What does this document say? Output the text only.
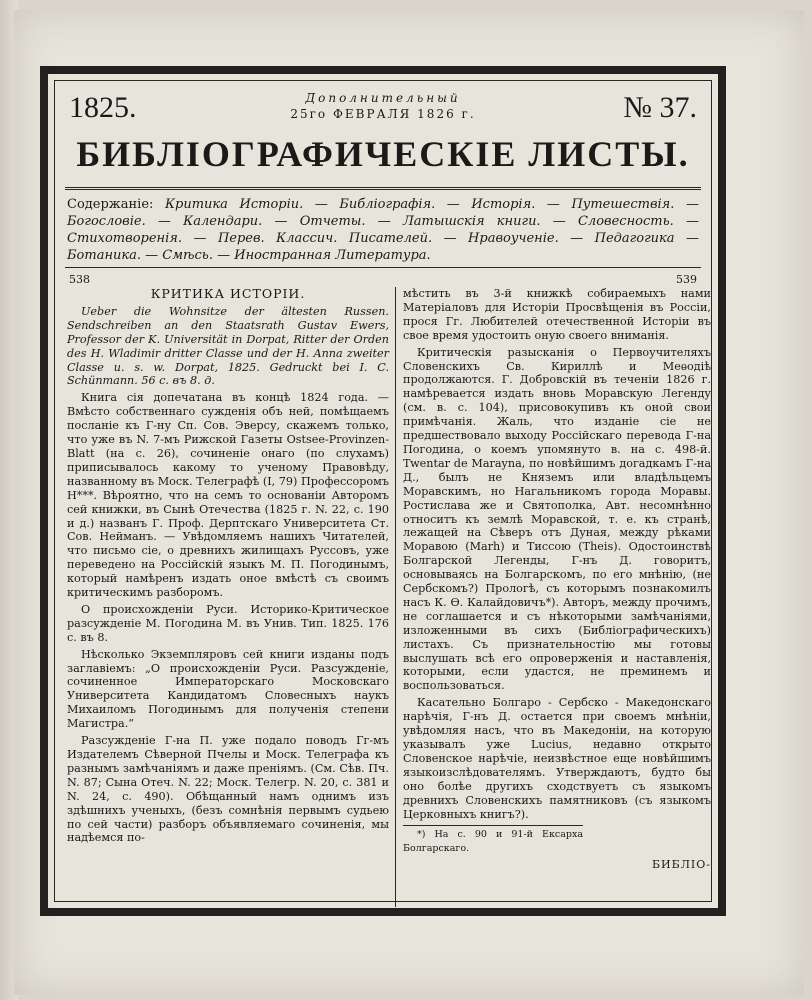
1825.	Дополнительный
25го ФЕВРАЛЯ 1826 г.	№ 37.
БИБЛІОГРАФИЧЕСКІЕ ЛИСТЫ.
Содержаніе: Критика Исторіи. — Библіографія. — Исторія. — Путешествія. — Богословіе. — Календари. — Отчеты. — Латышскія книги. — Словесность. — Стихотворенія. — Перев. Классич. Писателей. — Нравоученіе. — Педагогика — Ботаника. — Смѣсь. — Иностранная Литература.
538	539

КРИТИКА ИСТОРІИ.

Ueber die Wohnsitze der ältesten Russen. Sendschreiben an den Staatsrath Gustav Ewers, Professor der K. Universität in Dorpat, Ritter der Orden des H. Wladimir dritter Classe und der H. Anna zweiter Classe u. s. w. Dorpat, 1825. Gedruckt bei I. C. Schünmann. 56 с. въ 8. д.

Книга сія допечатана въ концѣ 1824 года. — Вмѣсто собственнаго сужденія объ ней, помѣщаемъ посланіе къ Г-ну Сп. Сов. Эверсу, скажемъ только, что уже въ N. 7-мъ Рижской Газеты Ostsee-Provinzen-Blatt (на с. 26), сочиненіе онаго (по слухамъ) приписывалось какому то ученому Правовѣду, названному въ Моск. Телеграфѣ (I, 79) Профессоромъ Н***. Вѣроятно, что на семъ то основаніи Авторомъ сей книжки, въ Сынѣ Отечества (1825 г. N. 22, с. 190 и д.) названъ Г. Проф. Дерптскаго Университета Ст. Сов. Нейманъ. — Увѣдомляемъ нашихъ Читателей, что письмо сіе, о древнихъ жилищахъ Руссовъ, уже переведено на Россійскій языкъ М. П. Погодинымъ, который намѣренъ издать оное вмѣстѣ съ своимъ критическимъ разборомъ.

О происхожденіи Руси. Историко-Критическое разсужденіе М. Погодина М. въ Унив. Тип. 1825. 176 с. въ 8.

Нѣсколько Экземпляровъ сей книги изданы подъ заглавіемъ: „О происхожденіи Руси. Разсужденіе, сочиненное Императорскаго Московскаго Университета Кандидатомъ Словесныхъ наукъ Михаиломъ Погодинымъ для полученія степени Магистра.“

Разсужденіе Г-на П. уже подало поводъ Гг-мъ Издателемъ Сѣверной Пчелы и Моск. Телеграфа къ разнымъ замѣчаніямъ и даже преніямъ. (См. Сѣв. Пч. N. 87; Сына Отеч. N. 22; Моск. Телегр. N. 20, с. 381 и N. 24, с. 490). Обѣщанный намъ однимъ изъ здѣшнихъ ученыхъ, (безъ сомнѣнія первымъ судьею по сей части) разборъ объявляемаго сочиненія, мы надѣемся по-

мѣстить въ 3-й книжкѣ собираемыхъ нами Матеріаловъ для Исторіи Просвѣщенія въ Россіи, прося Гг. Любителей отечественной Исторіи въ свое время удостоить оную своего вниманія.

Критическія разысканія о Первоучителяхъ Словенскихъ Св. Кириллѣ и Меѳодіѣ продолжаются. Г. Добровскій въ теченіи 1826 г. намѣревается издать вновь Моравскую Легенду (см. в. с. 104), присовокупивъ къ оной свои примѣчанія. Жаль, что изданіе сіе не предшествовало выходу Россійскаго перевода Г-на Погодина, о коемъ упомянуто в. на с. 498-й. Twentar de Marayna, по новѣйшимъ догадкамъ Г-на Д., былъ не Княземъ или владѣльцемъ Моравскимъ, но Нагальникомъ города Моравы. Ростислава же и Святополка, Авт. несомнѣнно относитъ къ землѣ Моравской, т. е. къ странѣ, лежащей на Сѣверъ отъ Дуная, между рѣками Моравою (Marh) и Тиссою (Theis). Одостоинствѣ Болгарской Легенды, Г-нъ Д. говоритъ, основываясь на Болгарскомъ, по его мнѣнію, (не Сербскомъ?) Прологѣ, съ которымъ познакомилъ насъ К. Ѳ. Калайдовичъ*). Авторъ, между прочимъ, не соглашается и съ нѣкоторыми замѣчаніями, изложенными въ сихъ (Библіографическихъ) листахъ. Съ признательностію мы готовы выслушать всѣ его опроверженія и наставленія, которыми, если удастся, не преминемъ и воспользоваться.

Касательно Болгаро - Сербско - Македонскаго нарѣчія, Г-нъ Д. остается при своемъ мнѣніи, увѣдомляя насъ, что въ Македоніи, на которую указывалъ уже Lucius, недавно открыто Словенское нарѣчіе, неизвѣстное еще новѣйшимъ языкоизслѣдователямъ. Утверждаютъ, будто бы оно болѣе другихъ сходствуетъ съ языкомъ древнихъ Словенскихъ памятниковъ (съ языкомъ Церковныхъ книгъ?).

*) На с. 90 и 91-й Ексарха Болгарскаго.
БИБЛІО-
